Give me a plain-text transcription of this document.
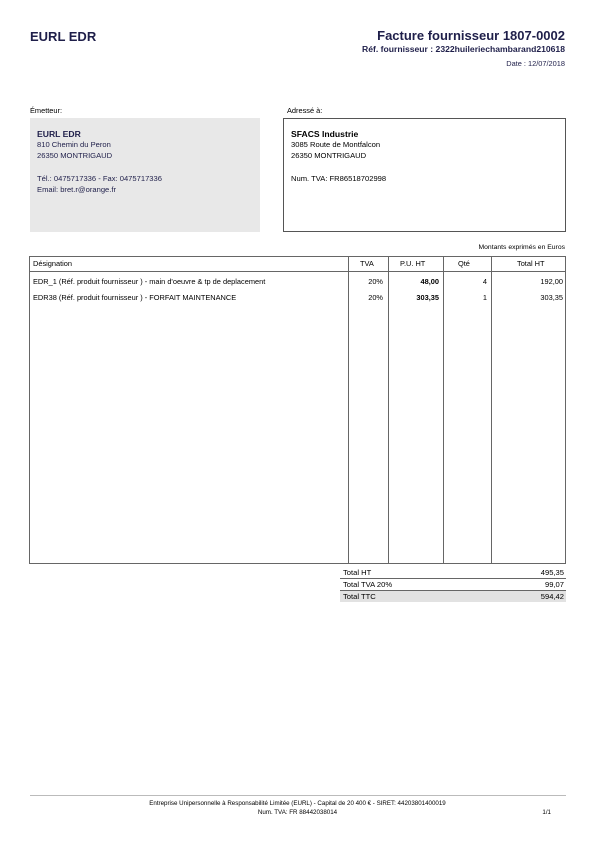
EURL EDR	Facture fournisseur 1807-0002
Réf. fournisseur : 2322huileriechambarand210618
Date : 12/07/2018
Émetteur:
EURL EDR
810 Chemin du Peron
26350 MONTRIGAUD
Tél.: 0475717336 - Fax: 0475717336
Email: bret.r@orange.fr
Adressé à:
SFACS Industrie
3085 Route de Montfalcon
26350 MONTRIGAUD
Num. TVA: FR86518702998
Montants exprimés en Euros
Désignation	TVA	P.U. HT	Qté	Total HT
EDR_1 (Réf. produit fournisseur ) - main d'oeuvre & tp de deplacement	20%	48,00	4	192,00
EDR38 (Réf. produit fournisseur ) - FORFAIT MAINTENANCE	20%	303,35	1	303,35
Total HT	495,35
Total TVA 20%	99,07
Total TTC	594,42
Entreprise Unipersonnelle à Responsabilité Limitée (EURL) - Capital de 20 400 € - SIRET: 44203801400019
Num. TVA: FR 88442038014	1/1
